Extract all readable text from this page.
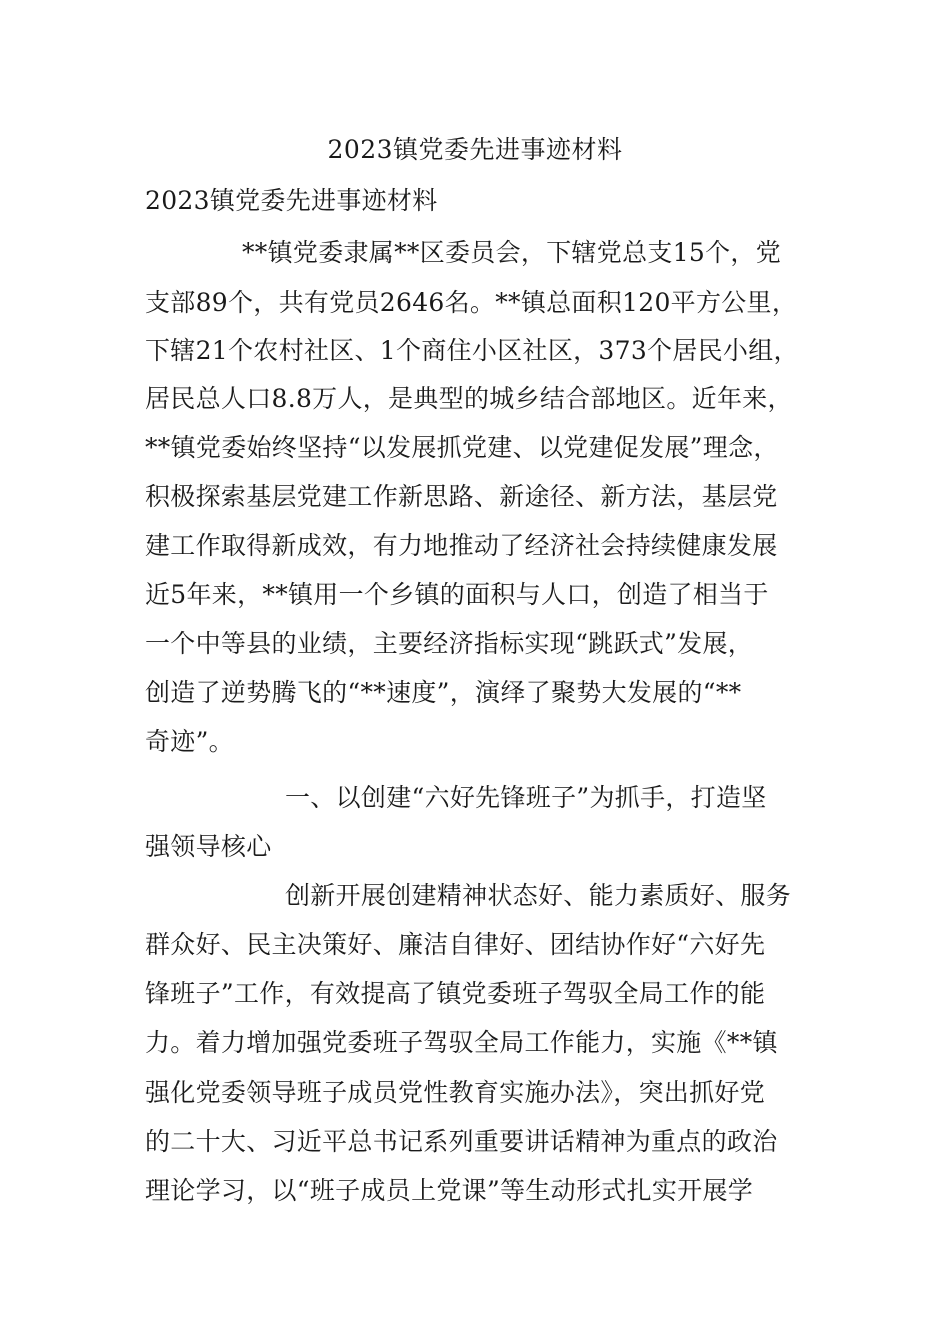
2023镇党委先进事迹材料
2023镇党委先进事迹材料
**镇党委隶属**区委员会，下辖党总支15个，党
支部89个，共有党员2646名。**镇总面积120平方公里，
下辖21个农村社区、1个商住小区社区，373个居民小组，
居民总人口8.8万人，是典型的城乡结合部地区。近年来，
**镇党委始终坚持“以发展抓党建、以党建促发展”理念，
积极探索基层党建工作新思路、新途径、新方法，基层党
建工作取得新成效，有力地推动了经济社会持续健康发展
近5年来，**镇用一个乡镇的面积与人口，创造了相当于
一个中等县的业绩，主要经济指标实现“跳跃式”发展，
创造了逆势腾飞的“**速度”，演绎了聚势大发展的“**
奇迹”。
一、以创建“六好先锋班子”为抓手，打造坚
强领导核心
创新开展创建精神状态好、能力素质好、服务
群众好、民主决策好、廉洁自律好、团结协作好“六好先
锋班子”工作，有效提高了镇党委班子驾驭全局工作的能
力。着力增加强党委班子驾驭全局工作能力，实施《**镇
强化党委领导班子成员党性教育实施办法》，突出抓好党
的二十大、习近平总书记系列重要讲话精神为重点的政治
理论学习，以“班子成员上党课”等生动形式扎实开展学
